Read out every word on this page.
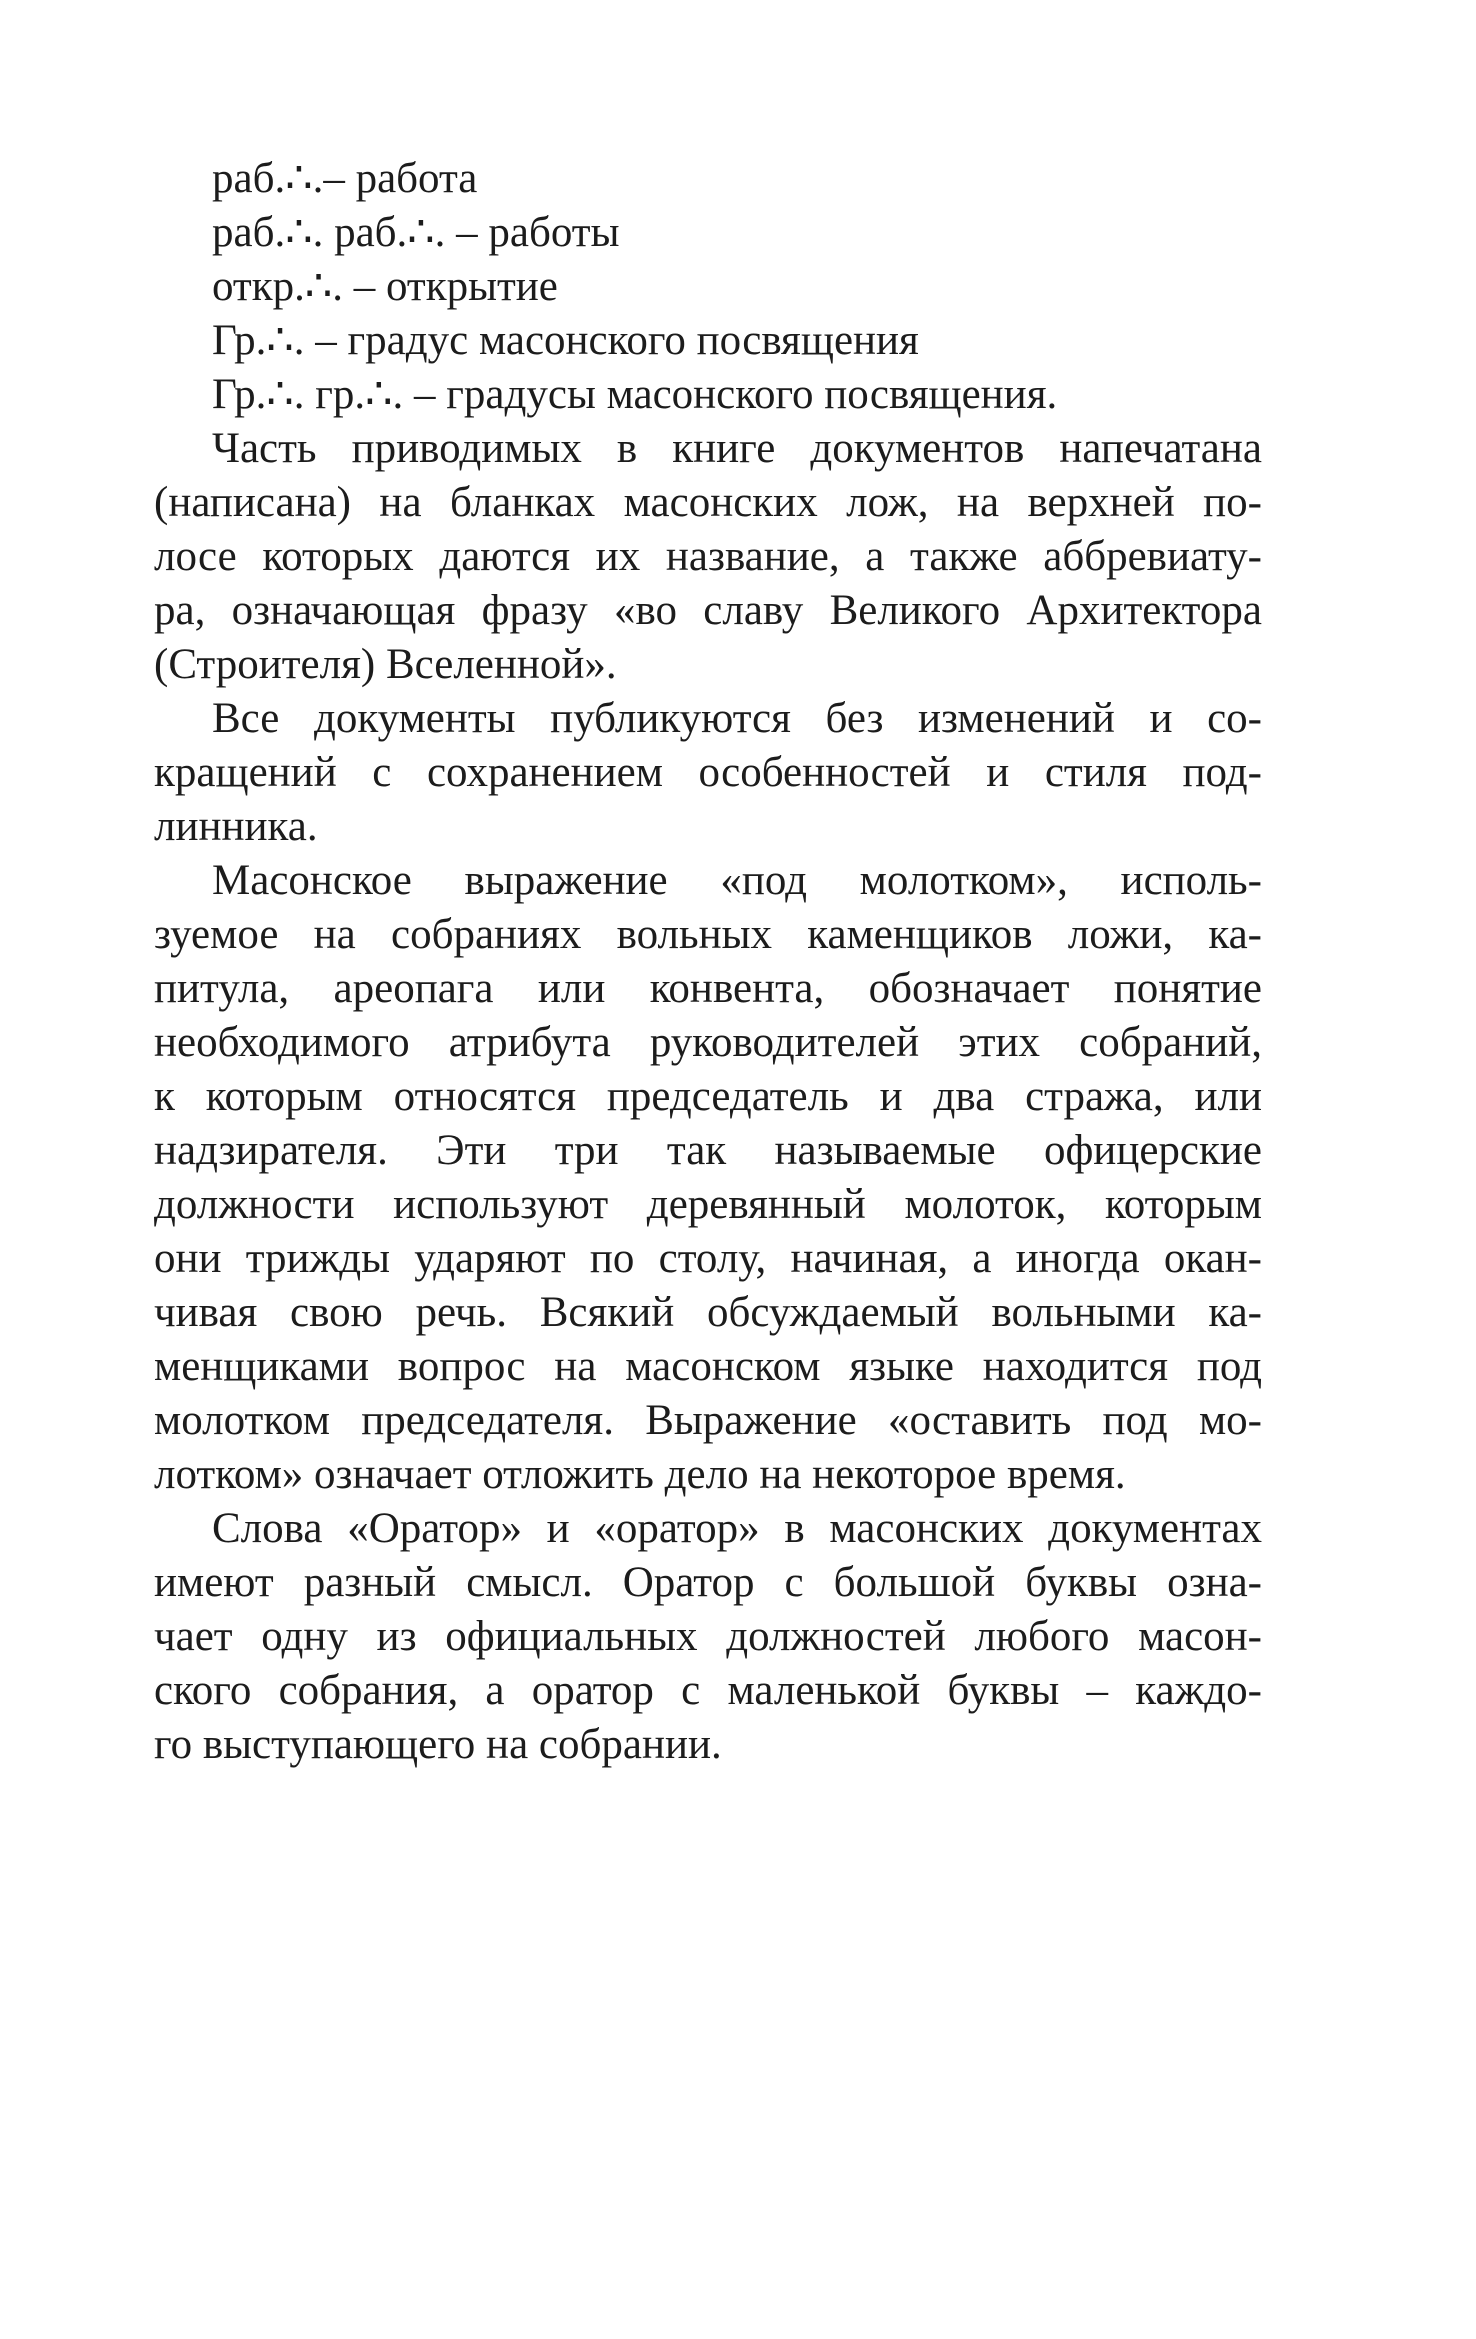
раб.∴.– работа

раб.∴. раб.∴. – работы

откр.∴. – открытие

Гр.∴. – градус масонского посвящения

Гр.∴. гр.∴. – градусы масонского посвящения.

Часть приводимых в книге документов напечатана
(написана) на бланках масонских лож, на верхней по-
лосе которых даются их название, а также аббревиату-
ра, означающая фразу «во славу Великого Архитектора
(Строителя) Вселенной».
Все документы публикуются без изменений и со-
кращений с сохранением особенностей и стиля под-
линника.
Масонское выражение «под молотком», исполь-
зуемое на собраниях вольных каменщиков ложи, ка-
питула, ареопага или конвента, обозначает понятие
необходимого атрибута руководителей этих собраний,
к которым относятся председатель и два стража, или
надзирателя. Эти три так называемые офицерские
должности используют деревянный молоток, которым
они трижды ударяют по столу, начиная, а иногда окан-
чивая свою речь. Всякий обсуждаемый вольными ка-
менщиками вопрос на масонском языке находится под
молотком председателя. Выражение «оставить под мо-
лотком» означает отложить дело на некоторое время.
Слова «Оратор» и «оратор» в масонских документах
имеют разный смысл. Оратор с большой буквы озна-
чает одну из официальных должностей любого масон-
ского собрания, а оратор с маленькой буквы – каждо-
го выступающего на собрании.
